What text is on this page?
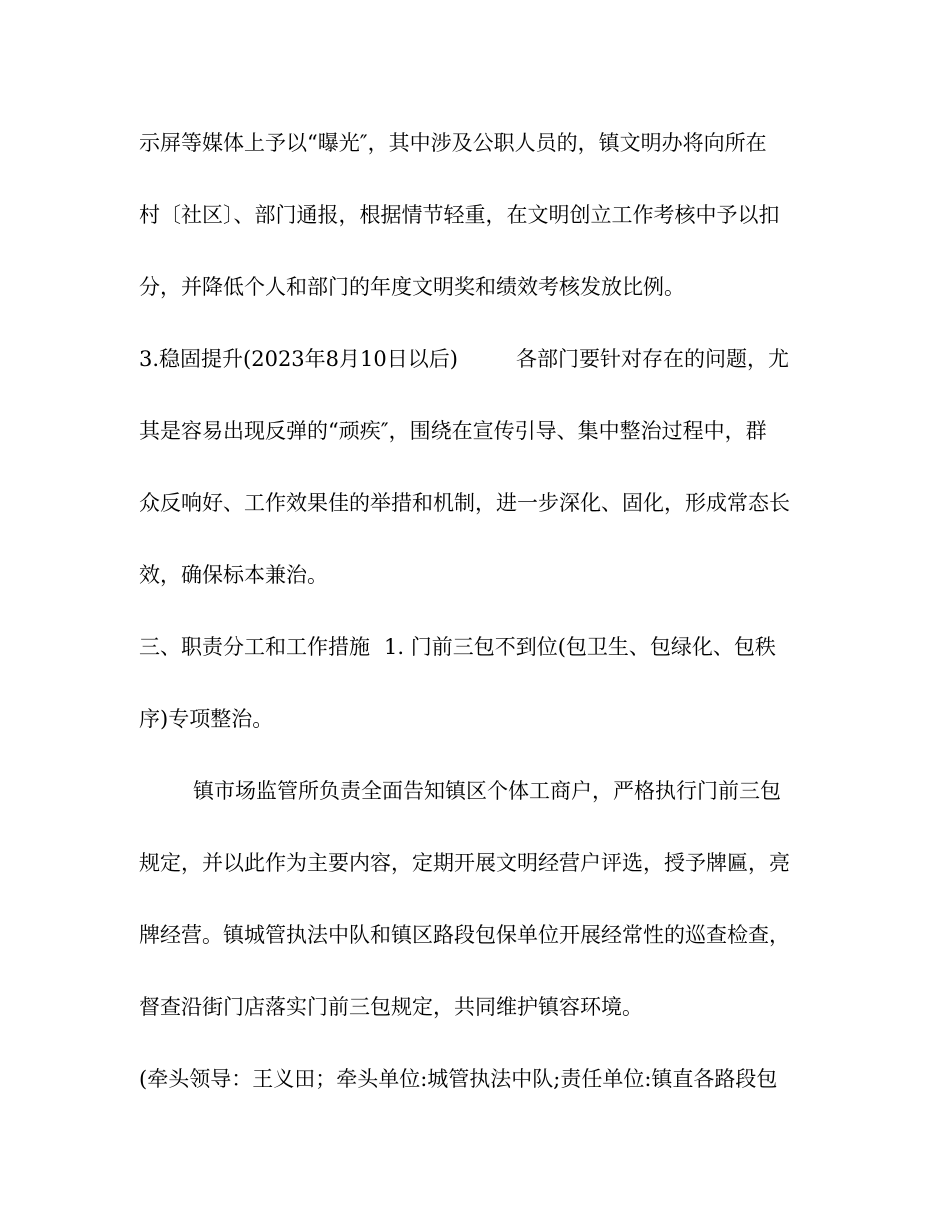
示屏等媒体上予以“曝光″，其中涉及公职人员的，镇文明办将向所在
村〔社区〕、部门通报，根据情节轻重，在文明创立工作考核中予以扣
分，并降低个人和部门的年度文明奖和绩效考核发放比例。
3.稳固提升(2023年8月10日以后)	各部门要针对存在的问题，尤
其是容易出现反弹的“顽疾″，围绕在宣传引导、集中整治过程中，群
众反响好、工作效果佳的举措和机制，进一步深化、固化，形成常态长
效，确保标本兼治。
三、职责分工和工作措施 1. 门前三包不到位(包卫生、包绿化、包秩
序)专项整治。
镇市场监管所负责全面告知镇区个体工商户，严格执行门前三包
规定，并以此作为主要内容，定期开展文明经营户评选，授予牌匾，亮
牌经营。镇城管执法中队和镇区路段包保单位开展经常性的巡查检查，
督查沿街门店落实门前三包规定，共同维护镇容环境。
(牵头领导：王义田；牵头单位:城管执法中队;责任单位:镇直各路段包
